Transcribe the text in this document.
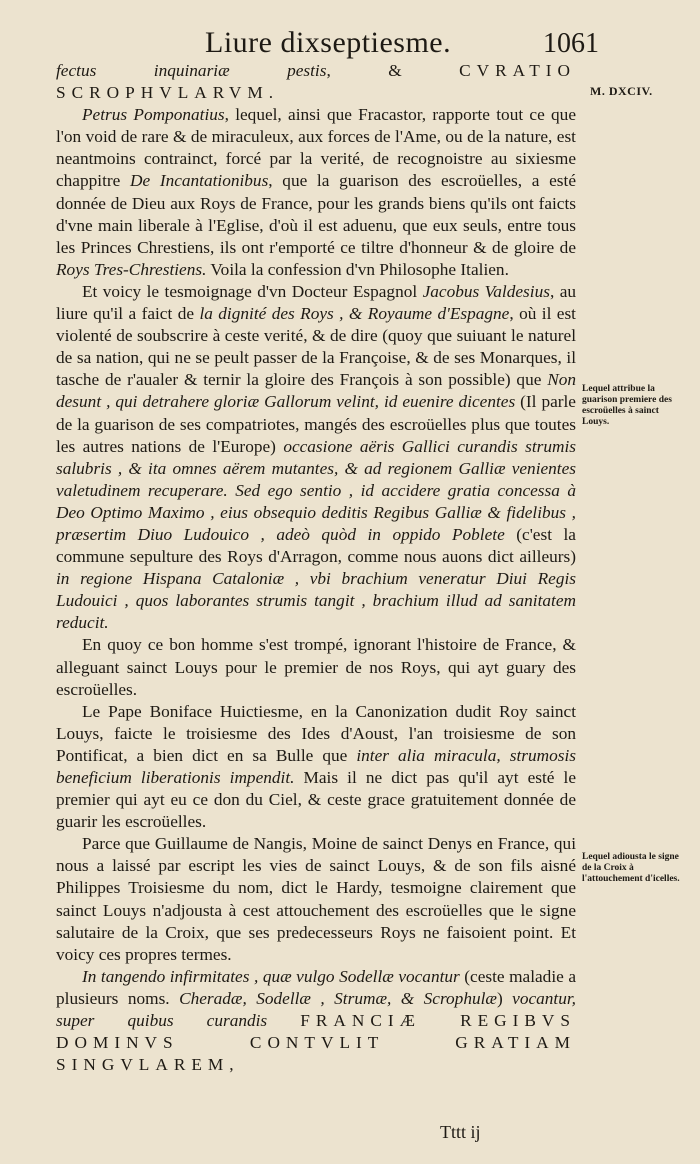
Liure dixseptiesme.	1061
M. DXCIV.

fectus inquinariæ pestis, & CVRATIO SCROPHVLARVM.

Petrus Pomponatius, lequel, ainsi que Fracastor, rapporte tout ce que l'on void de rare & de miraculeux, aux forces de l'Ame, ou de la nature, est neantmoins contrainct, forcé par la verité, de recognoistre au sixiesme chappitre De Incantationibus, que la guarison des escroüelles, a esté donnée de Dieu aux Roys de France, pour les grands biens qu'ils ont faicts d'vne main liberale à l'Eglise, d'où il est aduenu, que eux seuls, entre tous les Princes Chrestiens, ils ont r'emporté ce tiltre d'honneur & de gloire de Roys Tres-Chrestiens. Voila la confession d'vn Philosophe Italien.

Et voicy le tesmoignage d'vn Docteur Espagnol Jacobus Valdesius, au liure qu'il a faict de la dignité des Roys , & Royaume d'Espagne, où il est violenté de soubscrire à ceste verité, & de dire (quoy que suiuant le naturel de sa nation, qui ne se peult passer de la Françoise, & de ses Monarques, il tasche de r'aualer & ternir la gloire des François à son possible) que Non desunt , qui detrahere gloriæ Gallorum velint, id euenire dicentes (Il parle de la guarison de ses compatriotes, mangés des escroüelles plus que toutes les autres nations de l'Europe) occasione aëris Gallici curandis strumis salubris , & ita omnes aërem mutantes, & ad regionem Galliæ venientes valetudinem recuperare. Sed ego sentio , id accidere gratia concessa à Deo Optimo Maximo , eius obsequio deditis Regibus Galliæ & fidelibus , præsertim Diuo Ludouico , adeò quòd in oppido Poblete (c'est la commune sepulture des Roys d'Arragon, comme nous auons dict ailleurs) in regione Hispana Cataloniæ , vbi brachium veneratur Diui Regis Ludouici , quos laborantes strumis tangit , brachium illud ad sanitatem reducit.

En quoy ce bon homme s'est trompé, ignorant l'histoire de France, & alleguant sainct Louys pour le premier de nos Roys, qui ayt guary des escroüelles.

Le Pape Boniface Huictiesme, en la Canonization dudit Roy sainct Louys, faicte le troisiesme des Ides d'Aoust, l'an troisiesme de son Pontificat, a bien dict en sa Bulle que inter alia miracula, strumosis beneficium liberationis impendit. Mais il ne dict pas qu'il ayt esté le premier qui ayt eu ce don du Ciel, & ceste grace gratuitement donnée de guarir les escroüelles.

Parce que Guillaume de Nangis, Moine de sainct Denys en France, qui nous a laissé par escript les vies de sainct Louys, & de son fils aisné Philippes Troisiesme du nom, dict le Hardy, tesmoigne clairement que sainct Louys n'adjousta à cest attouchement des escroüelles que le signe salutaire de la Croix, que ses predecesseurs Roys ne faisoient point. Et voicy ces propres termes.

In tangendo infirmitates , quæ vulgo Sodellæ vocantur (ceste maladie a plusieurs noms. Cheradæ, Sodellæ , Strumæ, & Scrophulæ) vocantur, super quibus curandis FRANCIÆ REGIBVS DOMINVS CONTVLIT GRATIAM SINGVLAREM,

Lequel attribue la guarison premiere des escroüelles à sainct Louys.
Lequel adiousta le signe de la Croix à l'attouchement d'icelles.
Tttt ij
